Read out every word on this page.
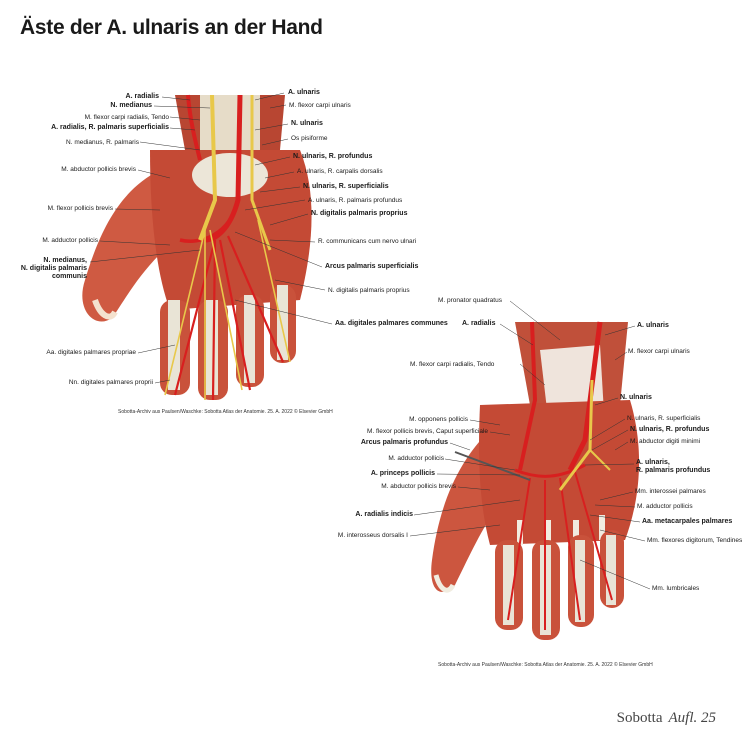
Äste der A. ulnaris an der Hand
A. radialis
N. medianus
M. flexor carpi radialis, Tendo
A. radialis, R. palmaris superficialis
N. medianus, R. palmaris
M. abductor pollicis brevis
M. flexor pollicis brevis
M. adductor pollicis
N. medianus,
N. digitalis palmaris
communis
Aa. digitales palmares propriae
Nn. digitales palmares proprii
A. ulnaris
M. flexor carpi ulnaris
N. ulnaris
Os pisiforme
N. ulnaris, R. profundus
A. ulnaris, R. carpalis dorsalis
N. ulnaris, R. superficialis
A. ulnaris, R. palmaris profundus
N. digitalis palmaris proprius
R. communicans cum nervo ulnari
Arcus palmaris superficialis
N. digitalis palmaris proprius
Aa. digitales palmares communes
Sobotta-Archiv aus Paulsen/Waschke: Sobotta Atlas der Anatomie. 25. A. 2022 © Elsevier GmbH
M. pronator quadratus
A. radialis	A. ulnaris
M. flexor carpi ulnaris
M. flexor carpi radialis, Tendo
M. opponens pollicis
M. flexor pollicis brevis, Caput superficiale
Arcus palmaris profundus
M. adductor pollicis
A. princeps pollicis
M. abductor pollicis brevis
A. radialis indicis
M. interosseus dorsalis I
N. ulnaris
N. ulnaris, R. superficialis
N. ulnaris, R. profundus
M. abductor digiti minimi
A. ulnaris,
R. palmaris profundus
Mm. interossei palmares
M. adductor pollicis
Aa. metacarpales palmares
Mm. flexores digitorum, Tendines
Mm. lumbricales
Sobotta-Archiv aus Paulsen/Waschke: Sobotta Atlas der Anatomie. 25. A. 2022 © Elsevier GmbH
Sobotta Aufl. 25
